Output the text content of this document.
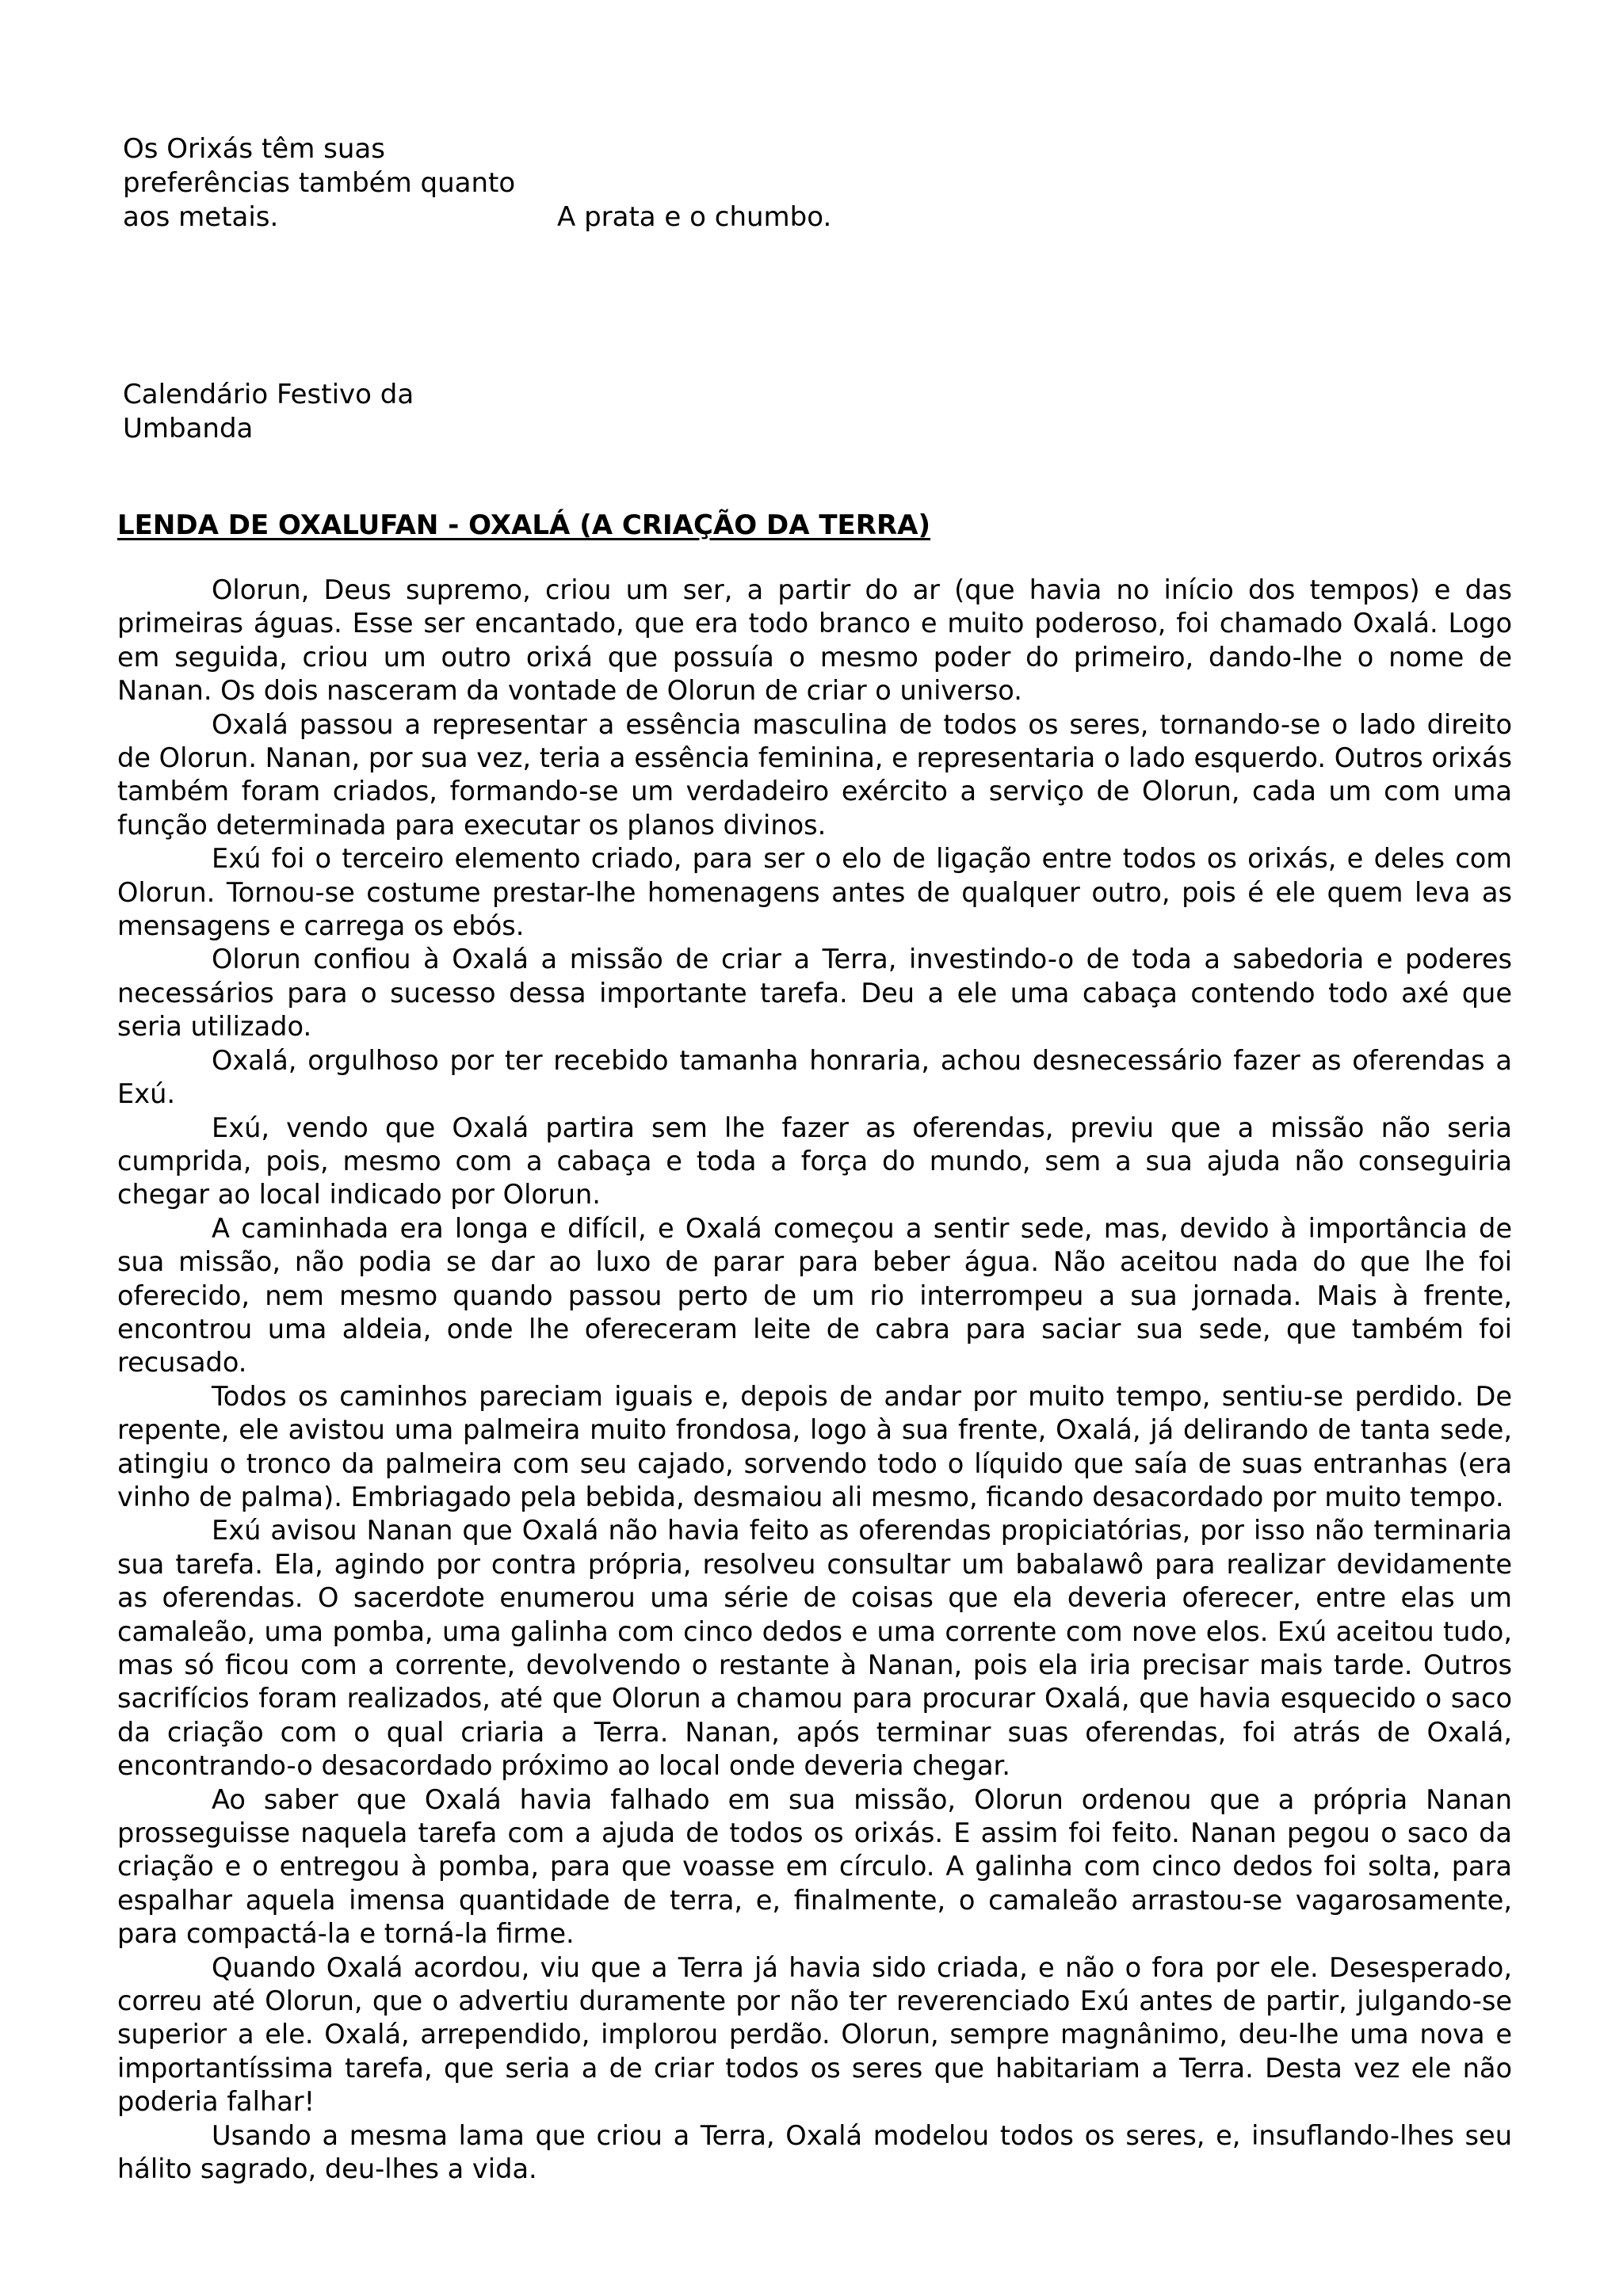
Os Orixás têm suas
preferências também quanto
aos metais.	A prata e o chumbo.
Calendário Festivo da
Umbanda
LENDA DE OXALUFAN - OXALÁ (A CRIAÇÃO DA TERRA)

Olorun, Deus supremo, criou um ser, a partir do ar (que havia no início dos tempos) e das primeiras águas. Esse ser encantado, que era todo branco e muito poderoso, foi chamado Oxalá. Logo em seguida, criou um outro orixá que possuía o mesmo poder do primeiro, dando-lhe o nome de Nanan. Os dois nasceram da vontade de Olorun de criar o universo.

Oxalá passou a representar a essência masculina de todos os seres, tornando-se o lado direito de Olorun. Nanan, por sua vez, teria a essência feminina, e representaria o lado esquerdo. Outros orixás também foram criados, formando-se um verdadeiro exército a serviço de Olorun, cada um com uma função determinada para executar os planos divinos.

Exú foi o terceiro elemento criado, para ser o elo de ligação entre todos os orixás, e deles com Olorun. Tornou-se costume prestar-lhe homenagens antes de qualquer outro, pois é ele quem leva as mensagens e carrega os ebós.

Olorun confiou à Oxalá a missão de criar a Terra, investindo-o de toda a sabedoria e poderes necessários para o sucesso dessa importante tarefa. Deu a ele uma cabaça contendo todo axé que seria utilizado.

Oxalá, orgulhoso por ter recebido tamanha honraria, achou desnecessário fazer as oferendas a Exú.

Exú, vendo que Oxalá partira sem lhe fazer as oferendas, previu que a missão não seria cumprida, pois, mesmo com a cabaça e toda a força do mundo, sem a sua ajuda não conseguiria chegar ao local indicado por Olorun.

A caminhada era longa e difícil, e Oxalá começou a sentir sede, mas, devido à importância de sua missão, não podia se dar ao luxo de parar para beber água. Não aceitou nada do que lhe foi oferecido, nem mesmo quando passou perto de um rio interrompeu a sua jornada. Mais à frente, encontrou uma aldeia, onde lhe ofereceram leite de cabra para saciar sua sede, que também foi recusado.

Todos os caminhos pareciam iguais e, depois de andar por muito tempo, sentiu-se perdido. De repente, ele avistou uma palmeira muito frondosa, logo à sua frente, Oxalá, já delirando de tanta sede, atingiu o tronco da palmeira com seu cajado, sorvendo todo o líquido que saía de suas entranhas (era vinho de palma). Embriagado pela bebida, desmaiou ali mesmo, ficando desacordado por muito tempo.

Exú avisou Nanan que Oxalá não havia feito as oferendas propiciatórias, por isso não terminaria sua tarefa. Ela, agindo por contra própria, resolveu consultar um babalawô para realizar devidamente as oferendas. O sacerdote enumerou uma série de coisas que ela deveria oferecer, entre elas um camaleão, uma pomba, uma galinha com cinco dedos e uma corrente com nove elos. Exú aceitou tudo, mas só ficou com a corrente, devolvendo o restante à Nanan, pois ela iria precisar mais tarde. Outros sacrifícios foram realizados, até que Olorun a chamou para procurar Oxalá, que havia esquecido o saco da criação com o qual criaria a Terra. Nanan, após terminar suas oferendas, foi atrás de Oxalá, encontrando-o desacordado próximo ao local onde deveria chegar.

Ao saber que Oxalá havia falhado em sua missão, Olorun ordenou que a própria Nanan prosseguisse naquela tarefa com a ajuda de todos os orixás. E assim foi feito. Nanan pegou o saco da criação e o entregou à pomba, para que voasse em círculo. A galinha com cinco dedos foi solta, para espalhar aquela imensa quantidade de terra, e, finalmente, o camaleão arrastou-se vagarosamente, para compactá-la e torná-la firme.

Quando Oxalá acordou, viu que a Terra já havia sido criada, e não o fora por ele. Desesperado, correu até Olorun, que o advertiu duramente por não ter reverenciado Exú antes de partir, julgando-se superior a ele. Oxalá, arrependido, implorou perdão. Olorun, sempre magnânimo, deu-lhe uma nova e importantíssima tarefa, que seria a de criar todos os seres que habitariam a Terra. Desta vez ele não poderia falhar!

Usando a mesma lama que criou a Terra, Oxalá modelou todos os seres, e, insuflando-lhes seu hálito sagrado, deu-lhes a vida.
